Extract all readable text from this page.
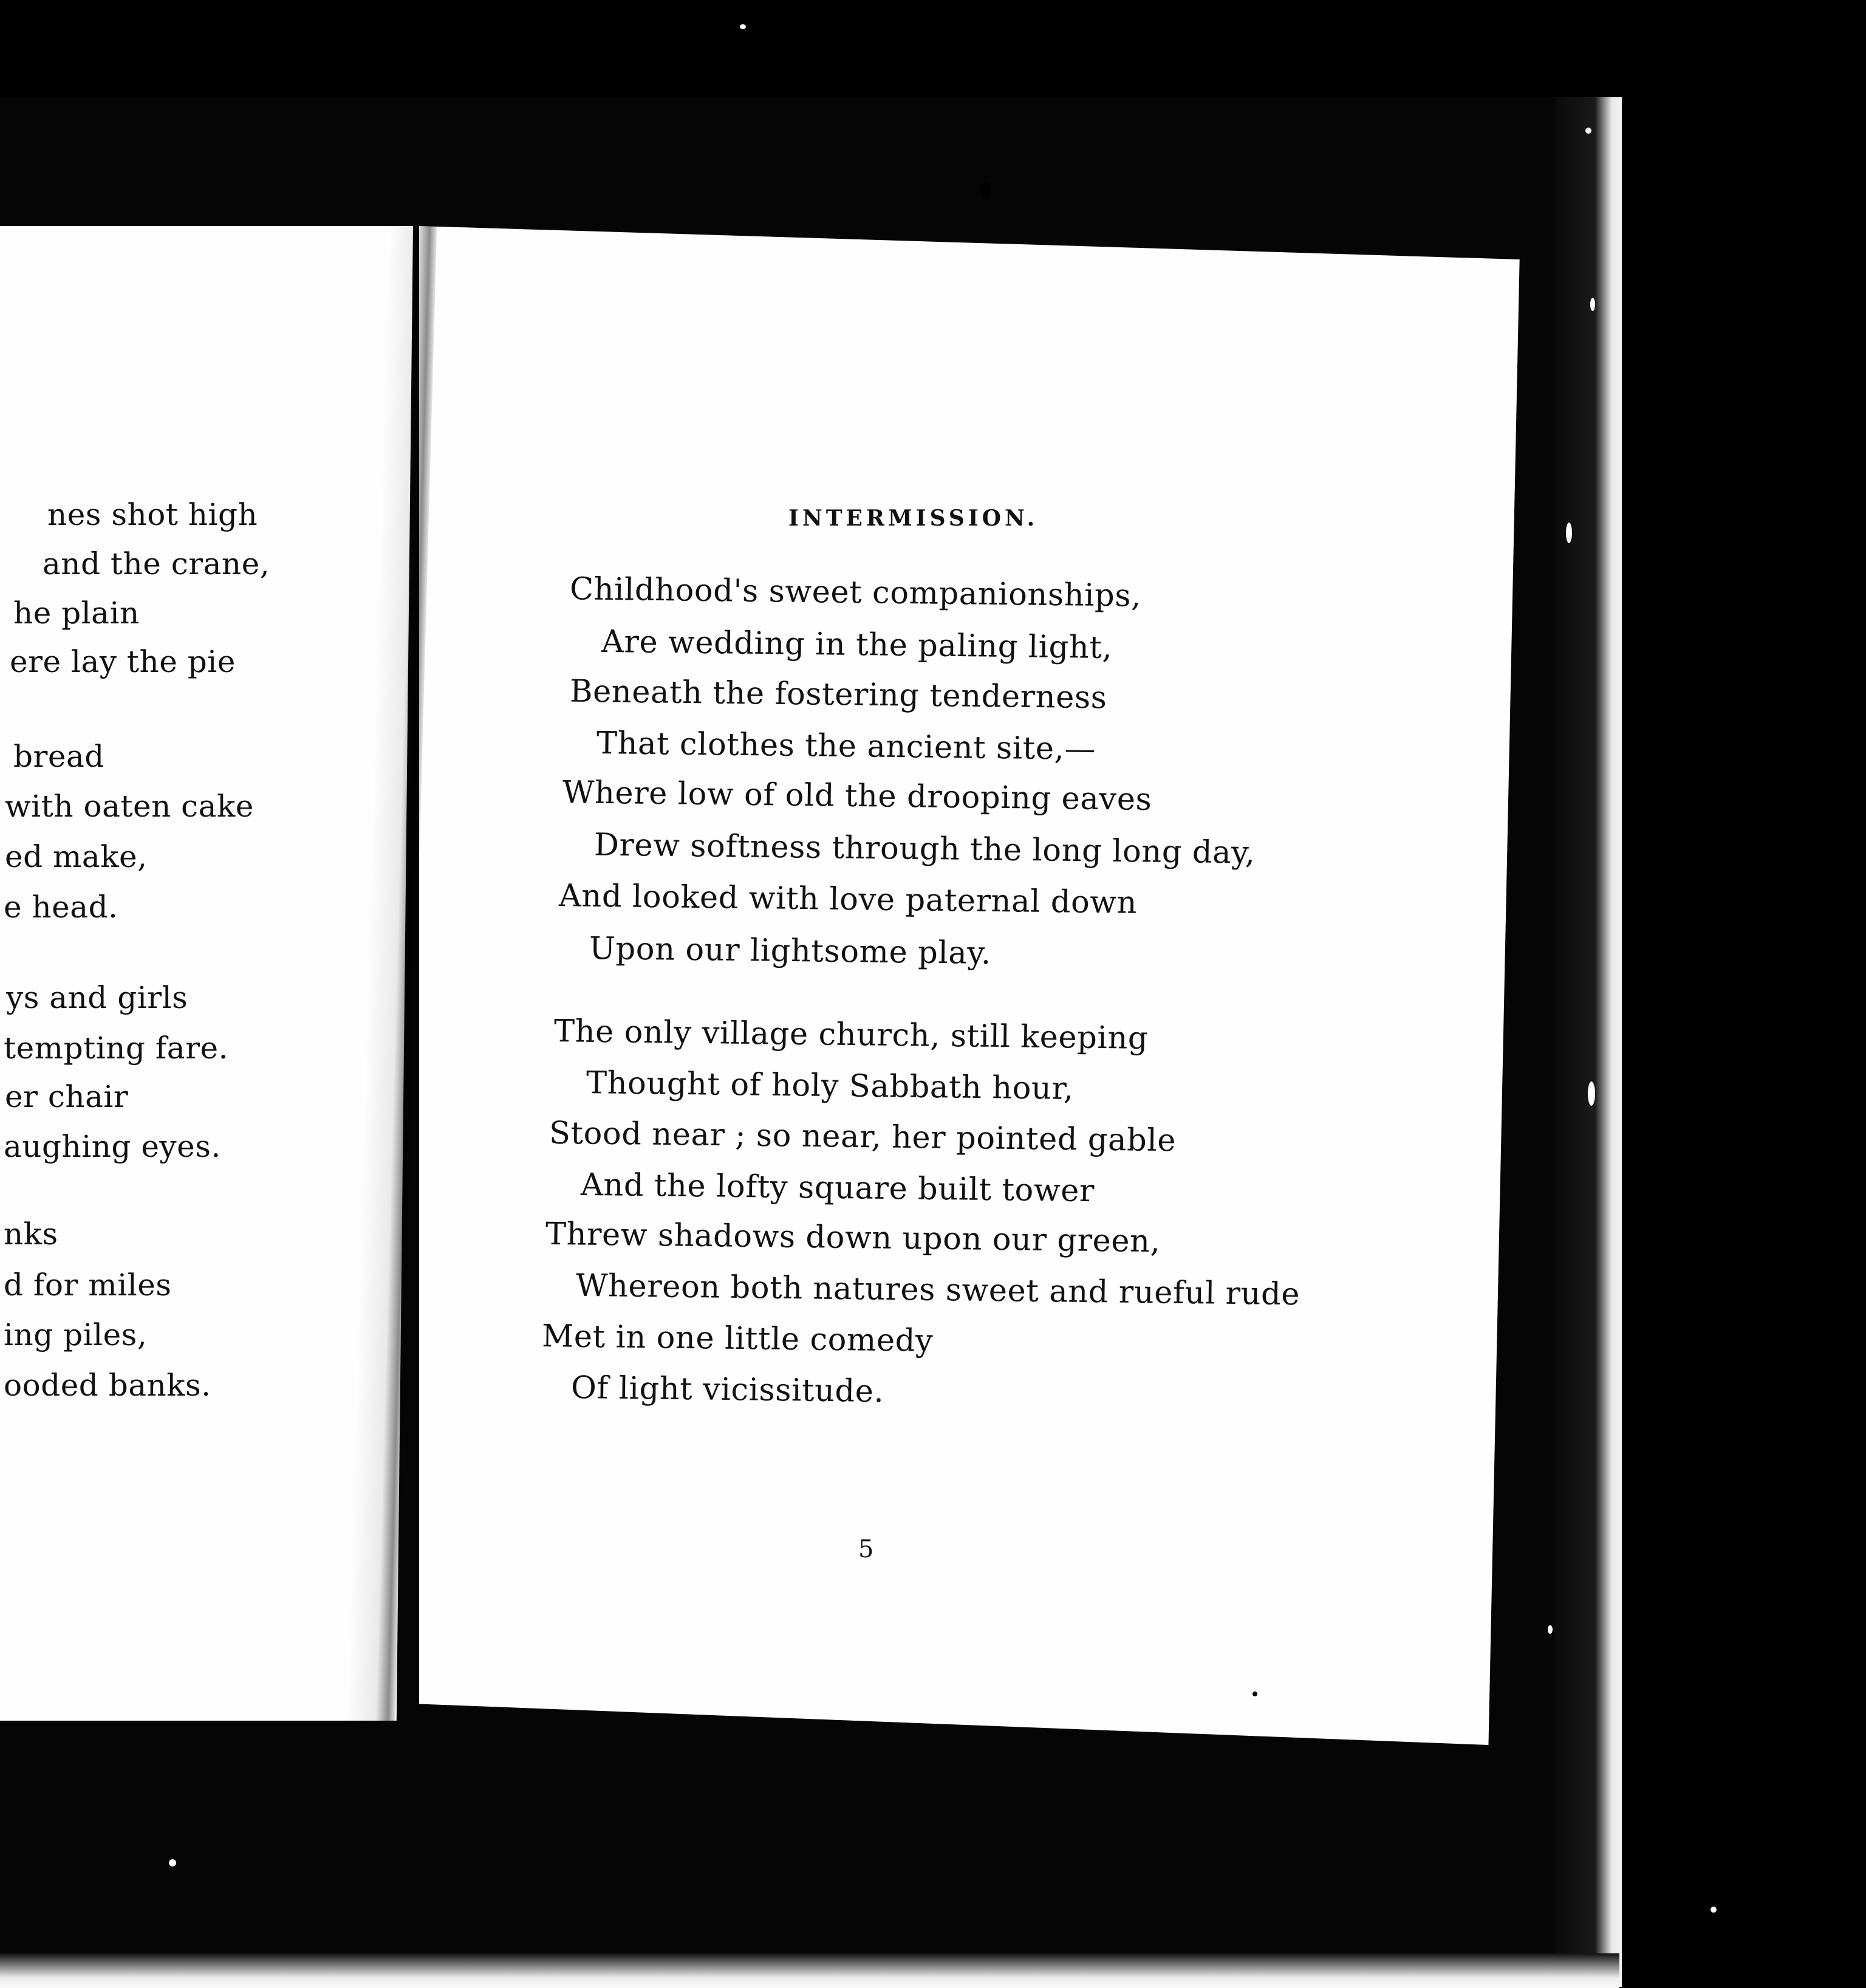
nes shot high
and the crane,
he plain
ere lay the pie
bread
with oaten cake
ed make,
e head.
ys and girls
tempting fare.
er chair
aughing eyes.
nks
d for miles
ing piles,
ooded banks.
INTERMISSION.
Childhood's sweet companionships,
Are wedding in the paling light,
Beneath the fostering tenderness
That clothes the ancient site,—
Where low of old the drooping eaves
Drew softness through the long long day,
And looked with love paternal down
Upon our lightsome play.
The only village church, still keeping
Thought of holy Sabbath hour,
Stood near ; so near, her pointed gable
And the lofty square built tower
Threw shadows down upon our green,
Whereon both natures sweet and rueful rude
Met in one little comedy
Of light vicissitude.
5
